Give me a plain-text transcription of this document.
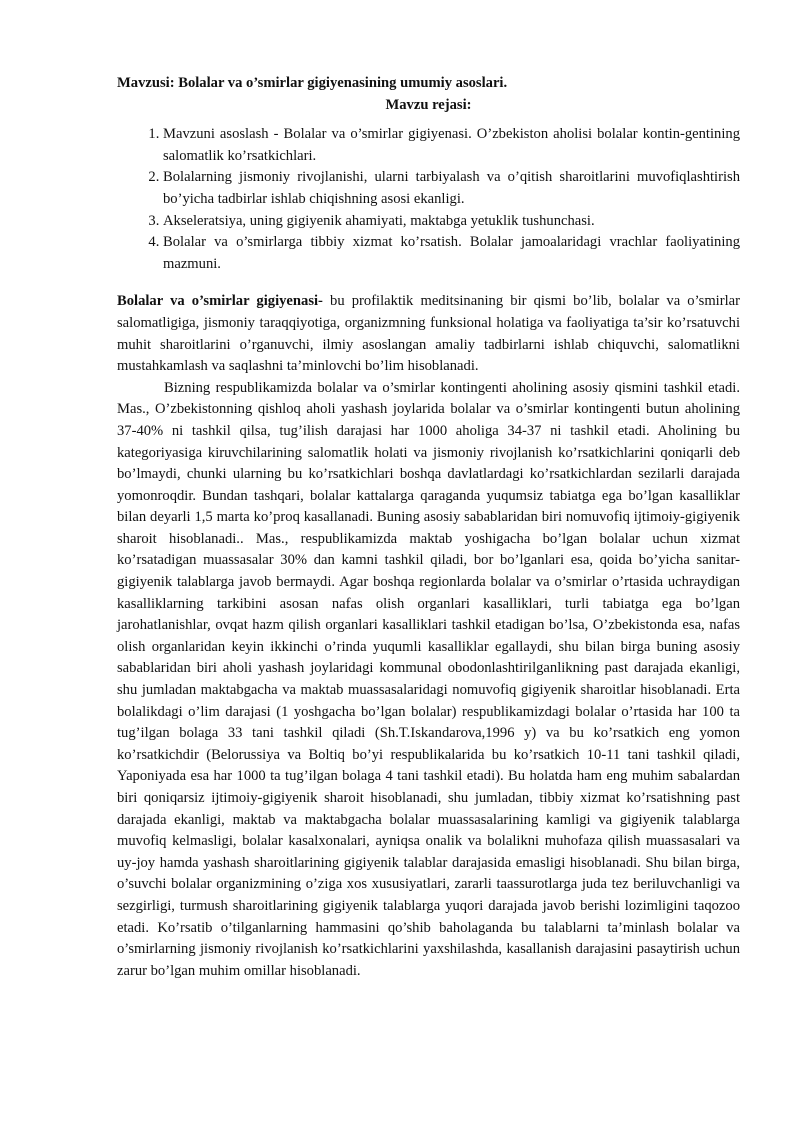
Mavzusi: Bolalar va o’smirlar gigiyenasining umumiy asoslari.

Mavzu rejasi:

1. Mavzuni asoslash - Bolalar va o’smirlar gigiyenasi. O’zbekiston aholisi bolalar kontin-gentining salomatlik ko’rsatkichlari.
2. Bolalarning jismoniy rivojlanishi, ularni tarbiyalash va o’qitish sharoitlarini muvofiqlashtirish bo’yicha tadbirlar ishlab chiqishning asosi ekanligi.
3. Akseleratsiya, uning gigiyenik ahamiyati, maktabga yetuklik tushunchasi.
4. Bolalar va o’smirlarga tibbiy xizmat ko’rsatish. Bolalar jamoalaridagi vrachlar faoliyatining mazmuni.

Bolalar va o’smirlar gigiyenasi- bu profilaktik meditsinaning bir qismi bo’lib, bolalar va o’smirlar salomatligiga, jismoniy taraqqiyotiga, organizmning funksional holatiga va faoliyatiga ta’sir ko’rsatuvchi muhit sharoitlarini o’rganuvchi, ilmiy asoslangan amaliy tadbirlarni ishlab chiquvchi, salomatlikni mustahkamlash va saqlashni ta’minlovchi bo’lim hisoblanadi.

Bizning respublikamizda bolalar va o’smirlar kontingenti aholining asosiy qismini tashkil etadi. Mas., O’zbekistonning qishloq aholi yashash joylarida bolalar va o’smirlar kontingenti butun aholining 37-40% ni tashkil qilsa, tug’ilish darajasi har 1000 aholiga 34-37 ni tashkil etadi. Aholining bu kategoriyasiga kiruvchilarining salomatlik holati va jismoniy rivojlanish ko’rsatkichlarini qoniqarli deb bo’lmaydi, chunki ularning bu ko’rsatkichlari boshqa davlatlardagi ko’rsatkichlardan sezilarli darajada yomonroqdir. Bundan tashqari, bolalar kattalarga qaraganda yuqumsiz tabiatga ega bo’lgan kasalliklar bilan deyarli 1,5 marta ko’proq kasallanadi. Buning asosiy sabablaridan biri nomuvofiq ijtimoiy-gigiyenik sharoit hisoblanadi.. Mas., respublikamizda maktab yoshigacha bo’lgan bolalar uchun xizmat ko’rsatadigan muassasalar 30% dan kamni tashkil qiladi, bor bo’lganlari esa, qoida bo’yicha sanitar-gigiyenik talablarga javob bermaydi. Agar boshqa regionlarda bolalar va o’smirlar o’rtasida uchraydigan kasalliklarning tarkibini asosan nafas olish organlari kasalliklari, turli tabiatga ega bo’lgan jarohatlanishlar, ovqat hazm qilish organlari kasalliklari tashkil etadigan bo’lsa, O’zbekistonda esa, nafas olish organlaridan keyin ikkinchi o’rinda yuqumli kasalliklar egallaydi, shu bilan birga buning asosiy sabablaridan biri aholi yashash joylaridagi kommunal obodonlashtirilganlikning past darajada ekanligi, shu jumladan maktabgacha va maktab muassasalaridagi nomuvofiq gigiyenik sharoitlar hisoblanadi. Erta bolalikdagi o’lim darajasi (1 yoshgacha bo’lgan bolalar) respublikamizdagi bolalar o’rtasida har 100 ta tug’ilgan bolaga 33 tani tashkil qiladi (Sh.T.Iskandarova,1996 y) va bu ko’rsatkich eng yomon ko’rsatkichdir (Belorussiya va Boltiq bo’yi respublikalarida bu ko’rsatkich 10-11 tani tashkil qiladi, Yaponiyada esa har 1000 ta tug’ilgan bolaga 4 tani tashkil etadi). Bu holatda ham eng muhim sabalardan biri qoniqarsiz ijtimoiy-gigiyenik sharoit hisoblanadi, shu jumladan, tibbiy xizmat ko’rsatishning past darajada ekanligi, maktab va maktabgacha bolalar muassasalarining kamligi va gigiyenik talablarga muvofiq kelmasligi, bolalar kasalxonalari, ayniqsa onalik va bolalikni muhofaza qilish muassasalari va uy-joy hamda yashash sharoitlarining gigiyenik talablar darajasida emasligi hisoblanadi. Shu bilan birga, o’suvchi bolalar organizmining o’ziga xos xususiyatlari, zararli taassurotlarga juda tez beriluvchanligi va sezgirligi, turmush sharoitlarining gigiyenik talablarga yuqori darajada javob berishi lozimligini taqozoo etadi. Ko’rsatib o’tilganlarning hammasini qo’shib baholaganda bu talablarni ta’minlash bolalar va o’smirlarning jismoniy rivojlanish ko’rsatkichlarini yaxshilashda, kasallanish darajasini pasaytirish uchun zarur bo’lgan muhim omillar hisoblanadi.
